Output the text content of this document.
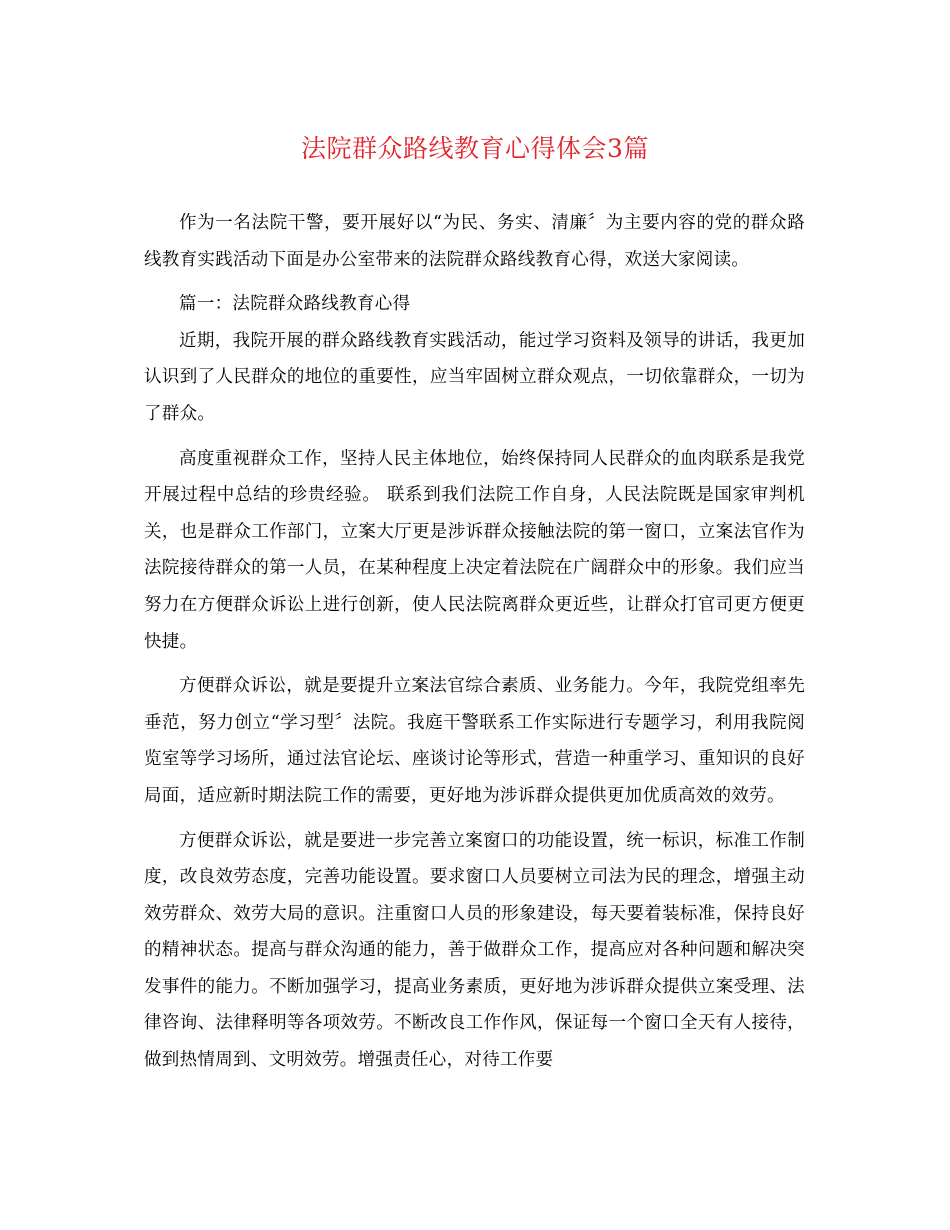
法院群众路线教育心得体会3篇

作为一名法院干警，要开展好以“为民、务实、清廉〞为主要内容的党的群众路线教育实践活动下面是办公室带来的法院群众路线教育心得，欢送大家阅读。

篇一：法院群众路线教育心得

近期，我院开展的群众路线教育实践活动，能过学习资料及领导的讲话，我更加认识到了人民群众的地位的重要性，应当牢固树立群众观点，一切依靠群众，一切为了群众。

高度重视群众工作，坚持人民主体地位，始终保持同人民群众的血肉联系是我党开展过程中总结的珍贵经验。 联系到我们法院工作自身，人民法院既是国家审判机关，也是群众工作部门，立案大厅更是涉诉群众接触法院的第一窗口，立案法官作为法院接待群众的第一人员，在某种程度上决定着法院在广阔群众中的形象。我们应当努力在方便群众诉讼上进行创新，使人民法院离群众更近些，让群众打官司更方便更快捷。

方便群众诉讼，就是要提升立案法官综合素质、业务能力。今年，我院党组率先垂范，努力创立“学习型〞法院。我庭干警联系工作实际进行专题学习，利用我院阅览室等学习场所，通过法官论坛、座谈讨论等形式，营造一种重学习、重知识的良好局面，适应新时期法院工作的需要，更好地为涉诉群众提供更加优质高效的效劳。

方便群众诉讼，就是要进一步完善立案窗口的功能设置，统一标识，标准工作制度，改良效劳态度，完善功能设置。要求窗口人员要树立司法为民的理念，增强主动效劳群众、效劳大局的意识。注重窗口人员的形象建设，每天要着装标准，保持良好的精神状态。提高与群众沟通的能力，善于做群众工作，提高应对各种问题和解决突发事件的能力。不断加强学习，提高业务素质，更好地为涉诉群众提供立案受理、法律咨询、法律释明等各项效劳。不断改良工作作风，保证每一个窗口全天有人接待，做到热情周到、文明效劳。增强责任心，对待工作要
